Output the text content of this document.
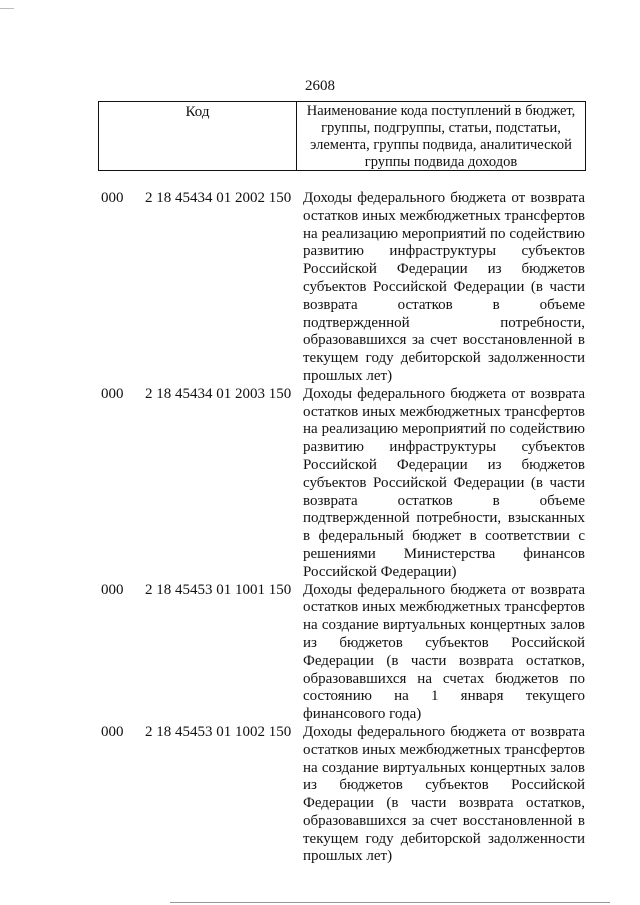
2608
Код	Наименование кода поступлений в бюджет, группы, подгруппы, статьи, подстатьи, элемента, группы подвида, аналитической группы подвида доходов
000 2 18 45434 01 2002 150 Доходы федерального бюджета от возврата остатков иных межбюджетных трансфертов на реализацию мероприятий по содействию развитию инфраструктуры субъектов Российской Федерации из бюджетов субъектов Российской Федерации (в части возврата остатков в объеме подтвержденной потребности, образовавшихся за счет восстановленной в текущем году дебиторской задолженности прошлых лет)
000 2 18 45434 01 2003 150 Доходы федерального бюджета от возврата остатков иных межбюджетных трансфертов на реализацию мероприятий по содействию развитию инфраструктуры субъектов Российской Федерации из бюджетов субъектов Российской Федерации (в части возврата остатков в объеме подтвержденной потребности, взысканных в федеральный бюджет в соответствии с решениями Министерства финансов Российской Федерации)
000 2 18 45453 01 1001 150 Доходы федерального бюджета от возврата остатков иных межбюджетных трансфертов на создание виртуальных концертных залов из бюджетов субъектов Российской Федерации (в части возврата остатков, образовавшихся на счетах бюджетов по состоянию на 1 января текущего финансового года)
000 2 18 45453 01 1002 150 Доходы федерального бюджета от возврата остатков иных межбюджетных трансфертов на создание виртуальных концертных залов из бюджетов субъектов Российской Федерации (в части возврата остатков, образовавшихся за счет восстановленной в текущем году дебиторской задолженности прошлых лет)
